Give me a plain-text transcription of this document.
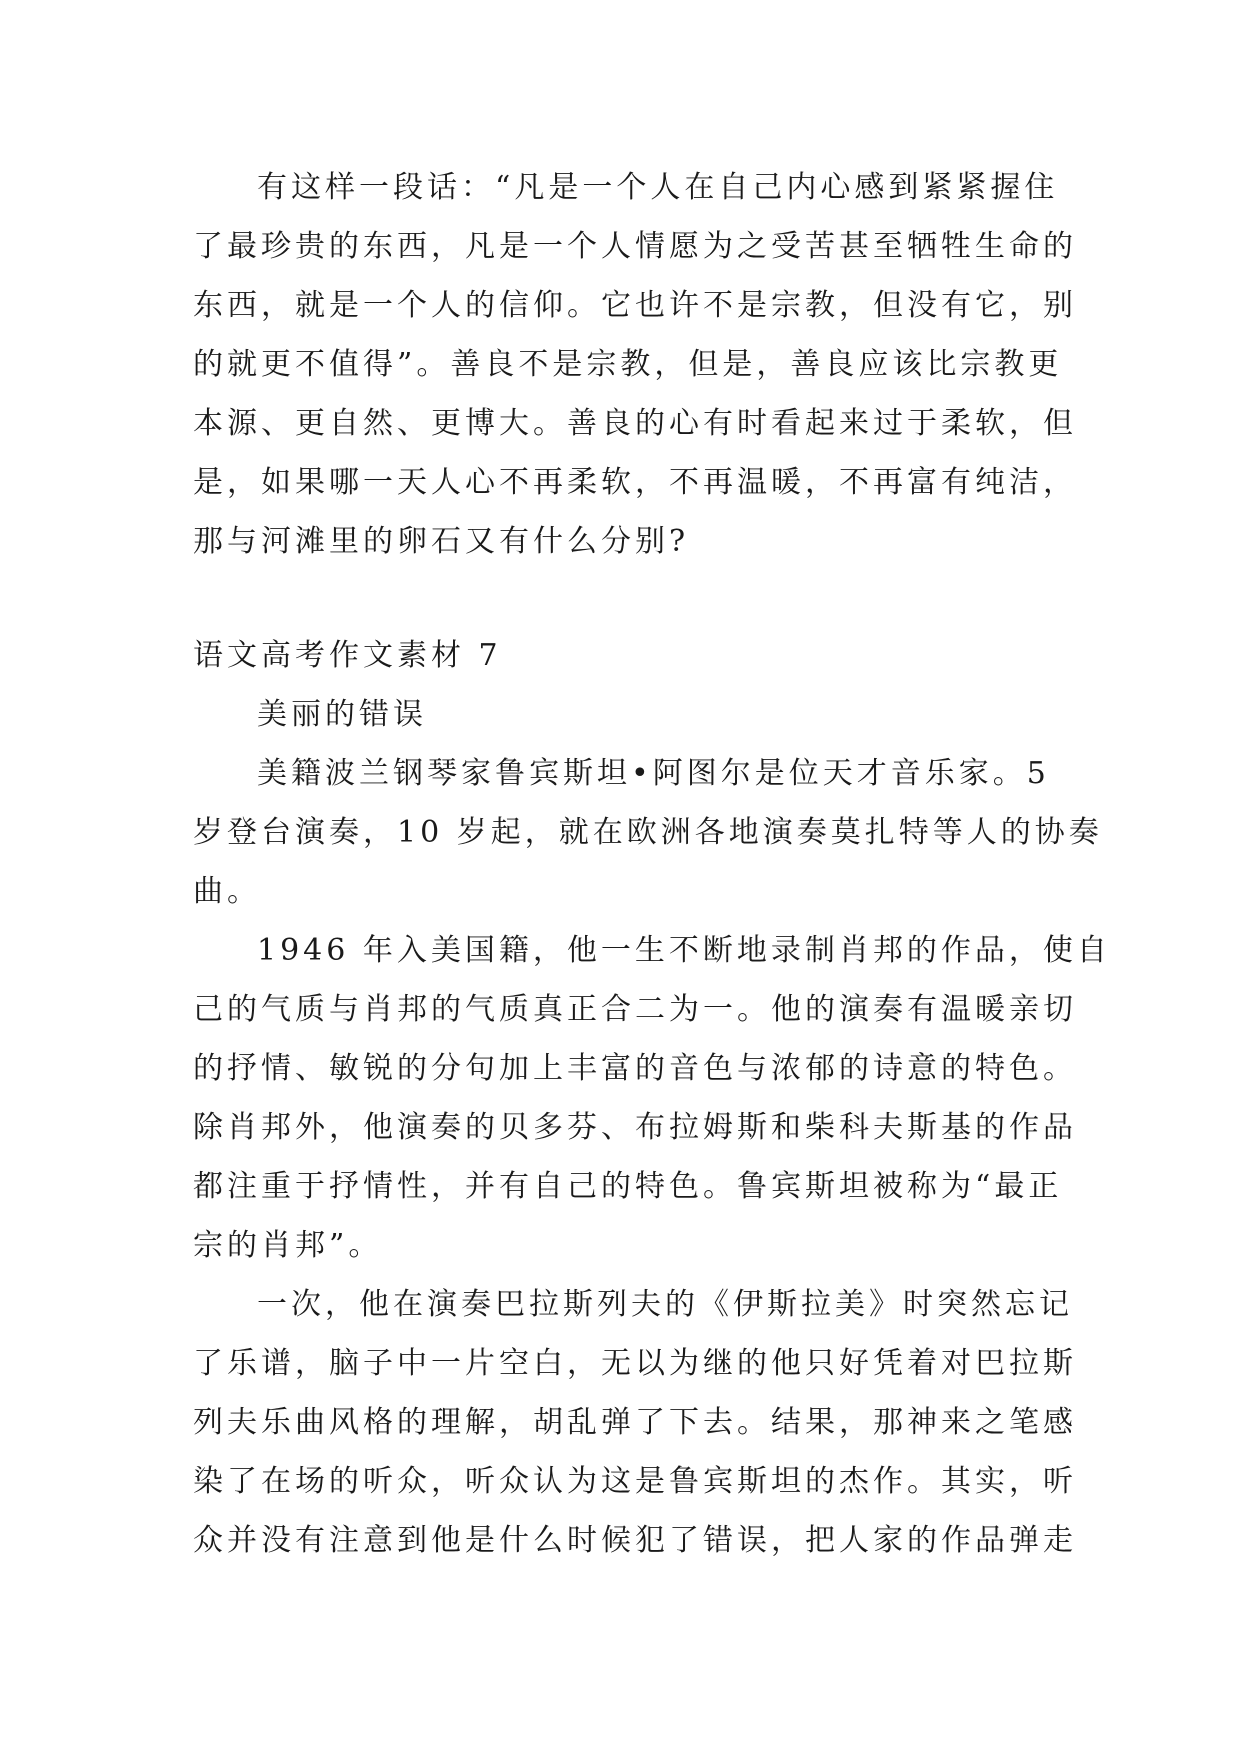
有这样一段话：“凡是一个人在自己内心感到紧紧握住
了最珍贵的东西，凡是一个人情愿为之受苦甚至牺牲生命的
东西，就是一个人的信仰。它也许不是宗教，但没有它，别
的就更不值得”。善良不是宗教，但是，善良应该比宗教更
本源、更自然、更博大。善良的心有时看起来过于柔软，但
是，如果哪一天人心不再柔软，不再温暖，不再富有纯洁，
那与河滩里的卵石又有什么分别?
语文高考作文素材 7
美丽的错误
美籍波兰钢琴家鲁宾斯坦•阿图尔是位天才音乐家。5
岁登台演奏，10 岁起，就在欧洲各地演奏莫扎特等人的协奏
曲。
1946 年入美国籍，他一生不断地录制肖邦的作品，使自
己的气质与肖邦的气质真正合二为一。他的演奏有温暖亲切
的抒情、敏锐的分句加上丰富的音色与浓郁的诗意的特色。
除肖邦外，他演奏的贝多芬、布拉姆斯和柴科夫斯基的作品
都注重于抒情性，并有自己的特色。鲁宾斯坦被称为“最正
宗的肖邦”。
一次，他在演奏巴拉斯列夫的《伊斯拉美》时突然忘记
了乐谱，脑子中一片空白，无以为继的他只好凭着对巴拉斯
列夫乐曲风格的理解，胡乱弹了下去。结果，那神来之笔感
染了在场的听众，听众认为这是鲁宾斯坦的杰作。其实，听
众并没有注意到他是什么时候犯了错误，把人家的作品弹走
